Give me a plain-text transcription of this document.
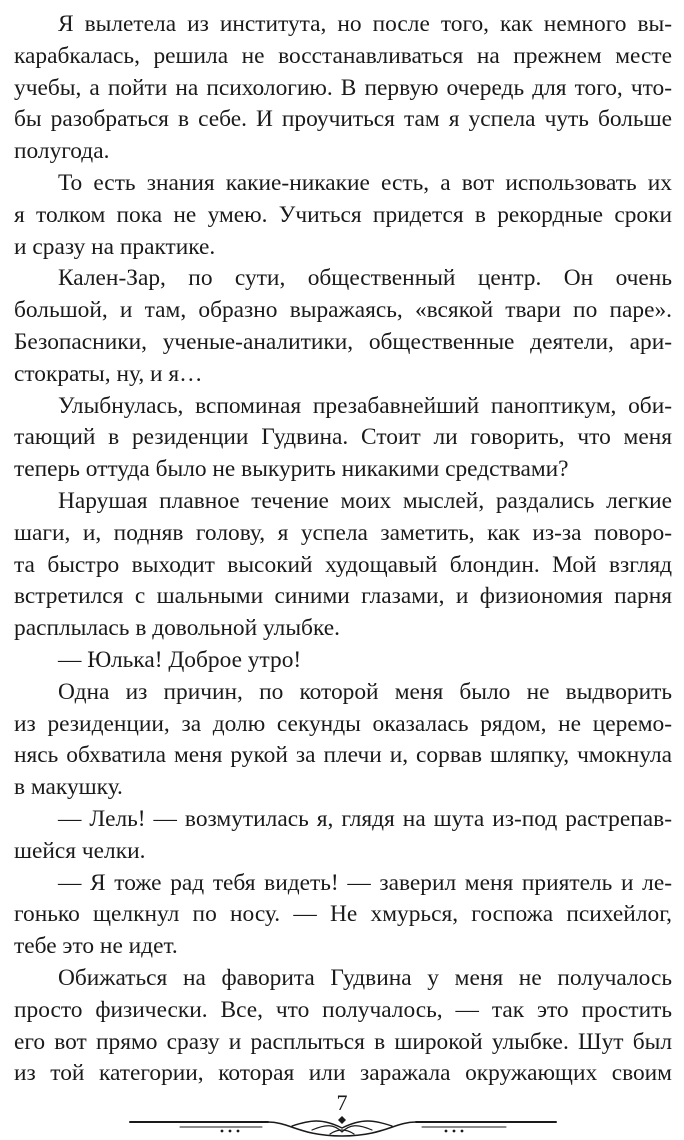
Я вылетела из института, но после того, как немного вы-
карабкалась, решила не восстанавливаться на прежнем месте
учебы, а пойти на психологию. В первую очередь для того, что-
бы разобраться в себе. И проучиться там я успела чуть больше
полугода.
То есть знания какие-никакие есть, а вот использовать их
я толком пока не умею. Учиться придется в рекордные сроки
и сразу на практике.
Кален-Зар, по сути, общественный центр. Он очень
большой, и там, образно выражаясь, «всякой твари по паре».
Безопасники, ученые-аналитики, общественные деятели, ари-
стократы, ну, и я…
Улыбнулась, вспоминая презабавнейший паноптикум, оби-
тающий в резиденции Гудвина. Стоит ли говорить, что меня
теперь оттуда было не выкурить никакими средствами?
Нарушая плавное течение моих мыслей, раздались легкие
шаги, и, подняв голову, я успела заметить, как из-за поворо-
та быстро выходит высокий худощавый блондин. Мой взгляд
встретился с шальными синими глазами, и физиономия парня
расплылась в довольной улыбке.
— Юлька! Доброе утро!
Одна из причин, по которой меня было не выдворить
из резиденции, за долю секунды оказалась рядом, не церемо-
нясь обхватила меня рукой за плечи и, сорвав шляпку, чмокнула
в макушку.
— Лель! — возмутилась я, глядя на шута из-под растрепав-
шейся челки.
— Я тоже рад тебя видеть! — заверил меня приятель и ле-
гонько щелкнул по носу. — Не хмурься, госпожа психейлог,
тебе это не идет.
Обижаться на фаворита Гудвина у меня не получалось
просто физически. Все, что получалось, — так это простить
его вот прямо сразу и расплыться в широкой улыбке. Шут был
из той категории, которая или заражала окружающих своим
7
